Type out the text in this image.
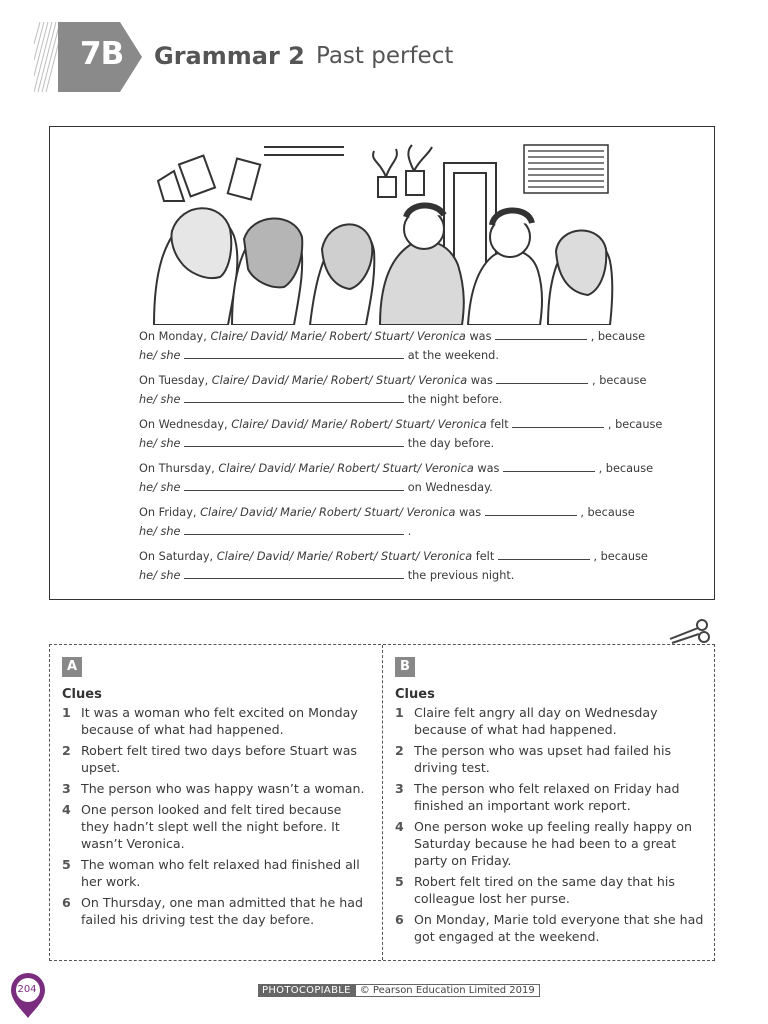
7B Grammar 2 Past perfect
On Monday, Claire/ David/ Marie/ Robert/ Stuart/ Veronica was	, because
he/ she	at the weekend.
On Tuesday, Claire/ David/ Marie/ Robert/ Stuart/ Veronica was	, because
he/ she	the night before.
On Wednesday, Claire/ David/ Marie/ Robert/ Stuart/ Veronica felt	, because
he/ she	the day before.
On Thursday, Claire/ David/ Marie/ Robert/ Stuart/ Veronica was	, because
he/ she	on Wednesday.
On Friday, Claire/ David/ Marie/ Robert/ Stuart/ Veronica was	, because
he/ she	.
On Saturday, Claire/ David/ Marie/ Robert/ Stuart/ Veronica felt	, because
he/ she	the previous night.
A
Clues
1 It was a woman who felt excited on Monday because of what had happened.
2 Robert felt tired two days before Stuart was upset.
3 The person who was happy wasn’t a woman.
4 One person looked and felt tired because they hadn’t slept well the night before. It wasn’t Veronica.
5 The woman who felt relaxed had finished all her work.
6 On Thursday, one man admitted that he had failed his driving test the day before.
B
Clues
1 Claire felt angry all day on Wednesday because of what had happened.
2 The person who was upset had failed his driving test.
3 The person who felt relaxed on Friday had finished an important work report.
4 One person woke up feeling really happy on Saturday because he had been to a great party on Friday.
5 Robert felt tired on the same day that his colleague lost her purse.
6 On Monday, Marie told everyone that she had got engaged at the weekend.
204	PHOTOCOPIABLE © Pearson Education Limited 2019
